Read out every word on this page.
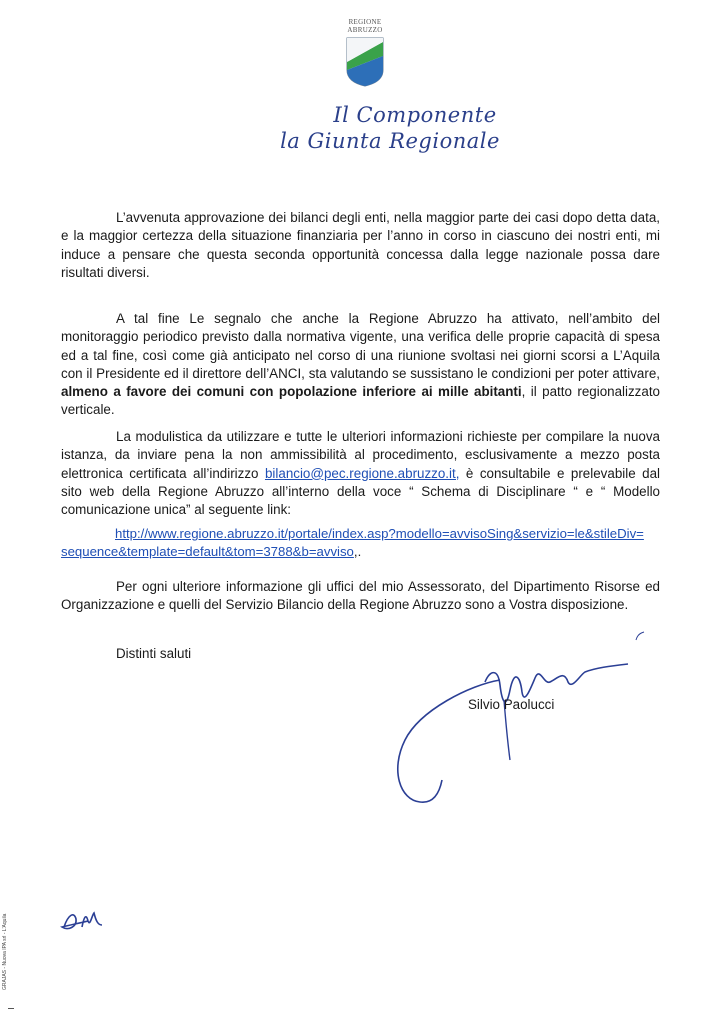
REGIONE
ABRUZZO
Il Componente
la Giunta Regionale

L’avvenuta approvazione dei bilanci degli enti, nella maggior parte dei casi dopo detta data, e la maggior certezza della situazione finanziaria per l’anno in corso in ciascuno dei nostri enti, mi induce a pensare che questa seconda opportunità concessa dalla legge nazionale possa dare risultati diversi.

A tal fine Le segnalo che anche la Regione Abruzzo ha attivato, nell’ambito del monitoraggio periodico previsto dalla normativa vigente, una verifica delle proprie capacità di spesa ed a tal fine, così come già anticipato nel corso di una riunione svoltasi nei giorni scorsi a L’Aquila con il Presidente ed il direttore dell’ANCI, sta valutando se sussistano le condizioni per poter attivare, almeno a favore dei comuni con popolazione inferiore ai mille abitanti, il patto regionalizzato verticale.

La modulistica da utilizzare e tutte le ulteriori informazioni richieste per compilare la nuova istanza, da inviare pena la non ammissibilità al procedimento, esclusivamente a mezzo posta elettronica certificata all’indirizzo bilancio@pec.regione.abruzzo.it, è consultabile e prelevabile dal sito web della Regione Abruzzo all’interno della voce “ Schema di Disciplinare “ e “ Modello comunicazione unica” al seguente link:

http://www.regione.abruzzo.it/portale/index.asp?modello=avvisoSing&servizio=le&stileDiv=

sequence&template=default&tom=3788&b=avviso,.

Per ogni ulteriore informazione gli uffici del mio Assessorato, del Dipartimento Risorse ed Organizzazione e quelli del Servizio Bilancio della Regione Abruzzo sono a Vostra disposizione.

Distinti saluti

Silvio Paolucci

GRAJAS - Nuova IPA srl - L'Aquila
